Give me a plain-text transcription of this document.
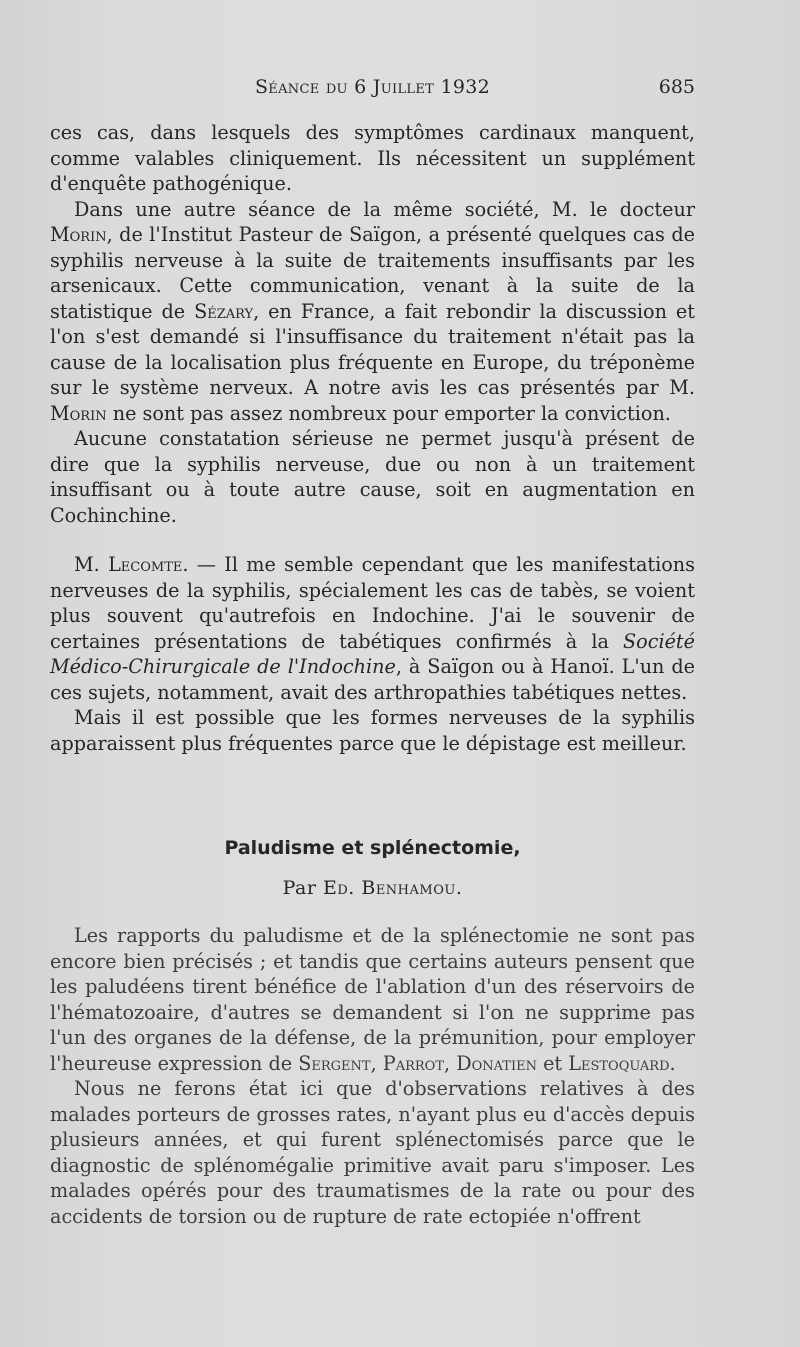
Séance du 6 Juillet 1932	685

ces cas, dans lesquels des symptômes cardinaux manquent, comme valables cliniquement. Ils nécessitent un supplément d'enquête pathogénique.

Dans une autre séance de la même société, M. le docteur Morin, de l'Institut Pasteur de Saïgon, a présenté quelques cas de syphilis nerveuse à la suite de traitements insuffisants par les arsenicaux. Cette communication, venant à la suite de la statistique de Sézary, en France, a fait rebondir la discussion et l'on s'est demandé si l'insuffisance du traitement n'était pas la cause de la localisation plus fréquente en Europe, du tréponème sur le système nerveux. A notre avis les cas présentés par M. Morin ne sont pas assez nombreux pour emporter la conviction.

Aucune constatation sérieuse ne permet jusqu'à présent de dire que la syphilis nerveuse, due ou non à un traitement insuffisant ou à toute autre cause, soit en augmentation en Cochinchine.

M. Lecomte. — Il me semble cependant que les manifestations nerveuses de la syphilis, spécialement les cas de tabès, se voient plus souvent qu'autrefois en Indochine. J'ai le souvenir de certaines présentations de tabétiques confirmés à la Société Médico-Chirurgicale de l'Indochine, à Saïgon ou à Hanoï. L'un de ces sujets, notamment, avait des arthropathies tabétiques nettes.

Mais il est possible que les formes nerveuses de la syphilis apparaissent plus fréquentes parce que le dépistage est meilleur.

Paludisme et splénectomie,
Par Ed. Benhamou.

Les rapports du paludisme et de la splénectomie ne sont pas encore bien précisés ; et tandis que certains auteurs pensent que les paludéens tirent bénéfice de l'ablation d'un des réservoirs de l'hématozoaire, d'autres se demandent si l'on ne supprime pas l'un des organes de la défense, de la prémunition, pour employer l'heureuse expression de Sergent, Parrot, Donatien et Lestoquard.

Nous ne ferons état ici que d'observations relatives à des malades porteurs de grosses rates, n'ayant plus eu d'accès depuis plusieurs années, et qui furent splénectomisés parce que le diagnostic de splénomégalie primitive avait paru s'imposer. Les malades opérés pour des traumatismes de la rate ou pour des accidents de torsion ou de rupture de rate ectopiée n'offrent
